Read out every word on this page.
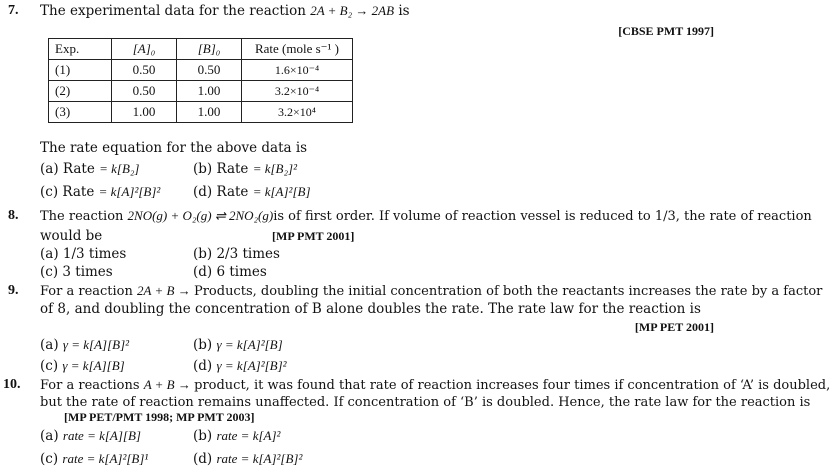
7. The experimental data for the reaction 2A + B₂ → 2AB is
[CBSE PMT 1997]
Exp.	[A]₀	[B]₀	Rate (mole s⁻¹ )
(1)	0.50	0.50	1.6×10⁻⁴
(2)	0.50	1.00	3.2×10⁻⁴
(3)	1.00	1.00	3.2×10⁴
The rate equation for the above data is
(a) Rate = k[B₂]	(b) Rate = k[B₂]²
(c) Rate = k[A]²[B]² (d) Rate = k[A]²[B]
8. The reaction 2NO(g) + O₂(g) ⇌ 2NO₂(g)is of first order. If volume of reaction vessel is reduced to 1/3, the rate of reaction
would be	[MP PMT 2001]
(a) 1/3 times	(b) 2/3 times
(c) 3 times	(d) 6 times
9. For a reaction 2A + B → Products, doubling the initial concentration of both the reactants increases the rate by a factor
of 8, and doubling the concentration of B alone doubles the rate. The rate law for the reaction is
[MP PET 2001]
(a) γ = k[A][B]²	(b) γ = k[A]²[B]
(c) γ = k[A][B]	(d) γ = k[A]²[B]²
10. For a reactions A + B → product, it was found that rate of reaction increases four times if concentration of ‘A’ is doubled,
but the rate of reaction remains unaffected. If concentration of ‘B’ is doubled. Hence, the rate law for the reaction is
[MP PET/PMT 1998; MP PMT 2003]
(a) rate = k[A][B]	(b) rate = k[A]²
(c) rate = k[A]²[B]¹	(d) rate = k[A]²[B]²
